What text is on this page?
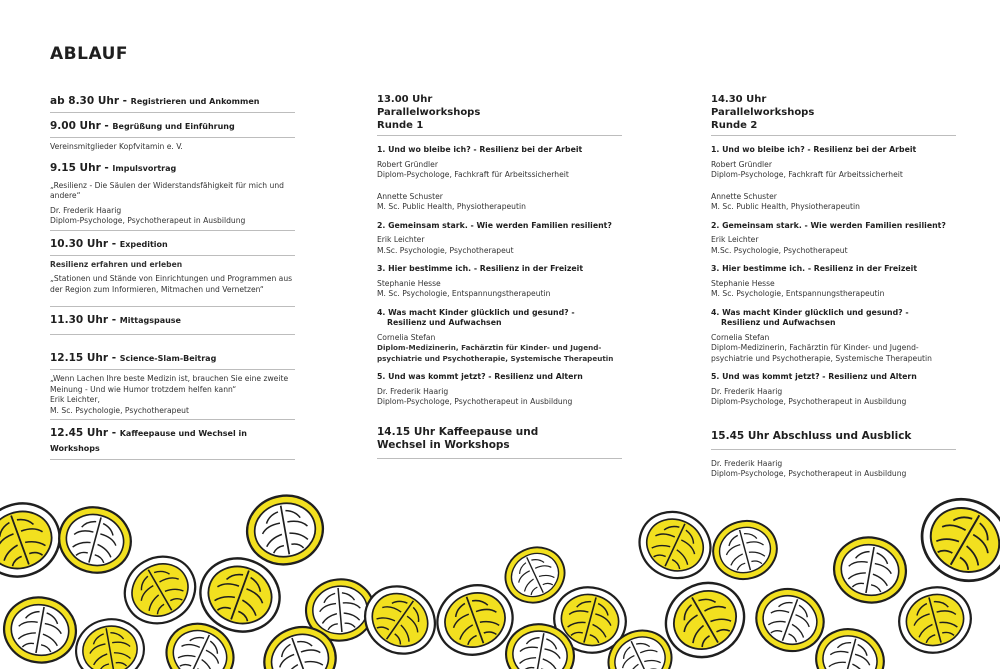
ABLAUF
ab 8.30 Uhr - Registrieren und Ankommen
9.00 Uhr - Begrüßung und Einführung
Vereinsmitglieder Kopfvitamin e. V.
9.15 Uhr - Impulsvortrag
„Resilienz - Die Säulen der Widerstandsfähigkeit für mich und andere“
Dr. Frederik Haarig
Diplom-Psychologe, Psychotherapeut in Ausbildung
10.30 Uhr - Expedition
Resilienz erfahren und erleben
„Stationen und Stände von Einrichtungen und Programmen aus der Region zum Informieren, Mitmachen und Vernetzen“
11.30 Uhr - Mittagspause
12.15 Uhr - Science-Slam-Beitrag
„Wenn Lachen Ihre beste Medizin ist, brauchen Sie eine zweite Meinung - Und wie Humor trotzdem helfen kann“
Erik Leichter,
M. Sc. Psychologie, Psychotherapeut
12.45 Uhr - Kaffeepause und Wechsel in Workshops
13.00 Uhr
Parallelworkshops
Runde 1
1. Und wo bleibe ich? - Resilienz bei der Arbeit
Robert Gründler
Diplom-Psychologe, Fachkraft für Arbeitssicherheit
Annette Schuster
M. Sc. Public Health, Physiotherapeutin
2. Gemeinsam stark. - Wie werden Familien resilient?
Erik Leichter
M.Sc. Psychologie, Psychotherapeut
3. Hier bestimme ich. - Resilienz in der Freizeit
Stephanie Hesse
M. Sc. Psychologie, Entspannungstherapeutin
4. Was macht Kinder glücklich und gesund? -
Resilienz und Aufwachsen
Cornelia Stefan
Diplom-Medizinerin, Fachärztin für Kinder- und Jugend-
psychiatrie und Psychotherapie, Systemische Therapeutin
5. Und was kommt jetzt? - Resilienz und Altern
Dr. Frederik Haarig
Diplom-Psychologe, Psychotherapeut in Ausbildung
14.15 Uhr Kaffeepause und
Wechsel in Workshops
14.30 Uhr
Parallelworkshops
Runde 2
1. Und wo bleibe ich? - Resilienz bei der Arbeit
Robert Gründler
Diplom-Psychologe, Fachkraft für Arbeitssicherheit
Annette Schuster
M. Sc. Public Health, Physiotherapeutin
2. Gemeinsam stark. - Wie werden Familien resilient?
Erik Leichter
M.Sc. Psychologie, Psychotherapeut
3. Hier bestimme ich. - Resilienz in der Freizeit
Stephanie Hesse
M. Sc. Psychologie, Entspannungstherapeutin
4. Was macht Kinder glücklich und gesund? -
Resilienz und Aufwachsen
Cornelia Stefan
Diplom-Medizinerin, Fachärztin für Kinder- und Jugend-
psychiatrie und Psychotherapie, Systemische Therapeutin
5. Und was kommt jetzt? - Resilienz und Altern
Dr. Frederik Haarig
Diplom-Psychologe, Psychotherapeut in Ausbildung
15.45 Uhr Abschluss und Ausblick
Dr. Frederik Haarig
Diplom-Psychologe, Psychotherapeut in Ausbildung
